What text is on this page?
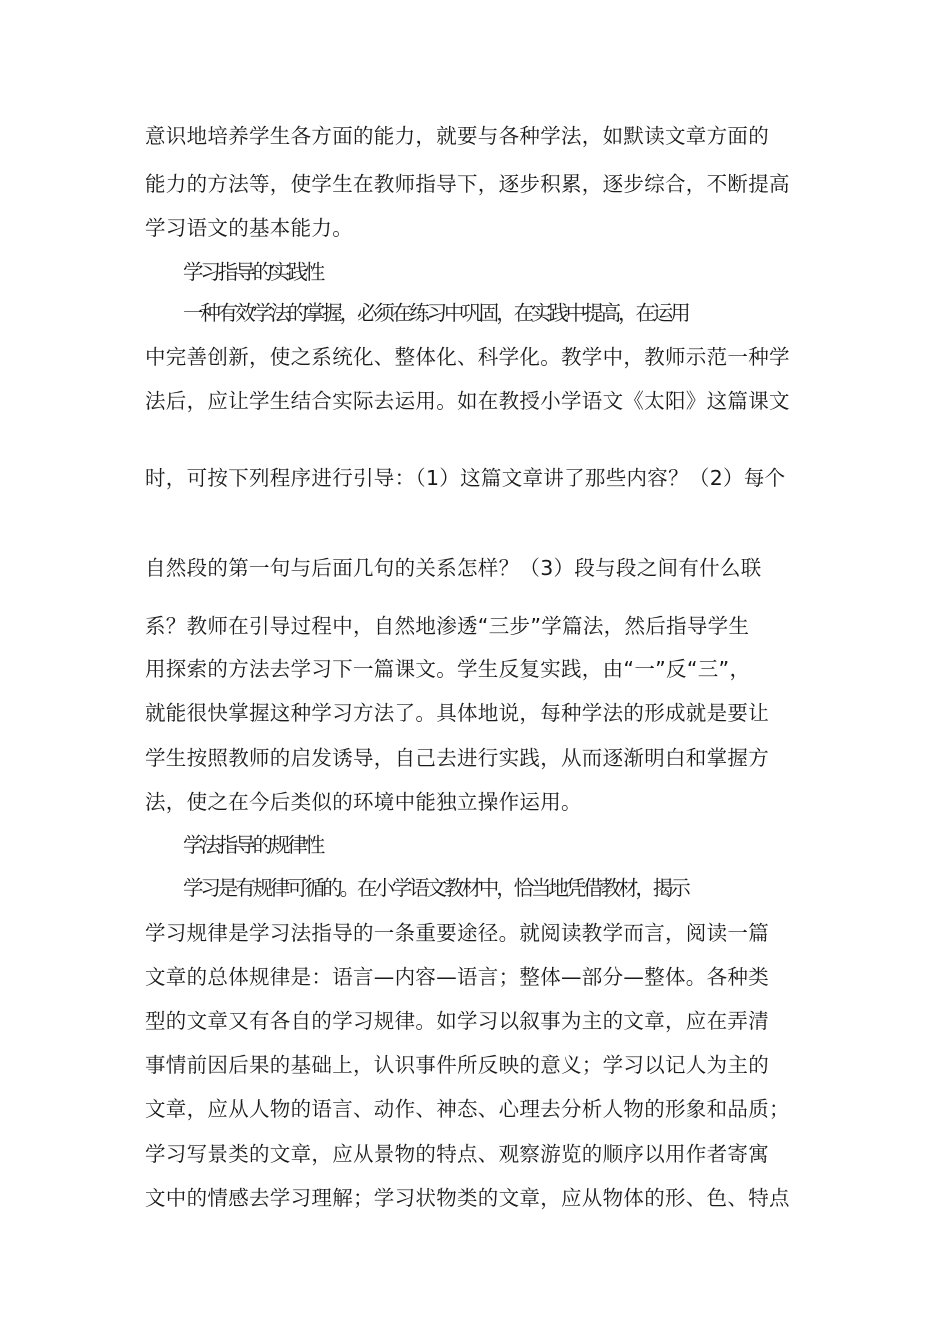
意识地培养学生各方面的能力，就要与各种学法，如默读文章方面的
能力的方法等，使学生在教师指导下，逐步积累，逐步综合，不断提高
学习语文的基本能力。
学习指导的实践性
一种有效学法的掌握，必须在练习中巩固，在实践中提高，在运用
中完善创新，使之系统化、整体化、科学化。教学中，教师示范一种学
法后，应让学生结合实际去运用。如在教授小学语文《太阳》这篇课文
时，可按下列程序进行引导：（1）这篇文章讲了那些内容？（2）每个
自然段的第一句与后面几句的关系怎样？（3）段与段之间有什么联
系？教师在引导过程中，自然地渗透“三步”学篇法，然后指导学生
用探索的方法去学习下一篇课文。学生反复实践，由“一”反“三”，
就能很快掌握这种学习方法了。具体地说，每种学法的形成就是要让
学生按照教师的启发诱导，自己去进行实践，从而逐渐明白和掌握方
法，使之在今后类似的环境中能独立操作运用。
学法指导的规律性
学习是有规律可循的。在小学语文教材中，恰当地凭借教材，揭示
学习规律是学习法指导的一条重要途径。就阅读教学而言，阅读一篇
文章的总体规律是：语言—内容—语言；整体—部分—整体。各种类
型的文章又有各自的学习规律。如学习以叙事为主的文章，应在弄清
事情前因后果的基础上，认识事件所反映的意义；学习以记人为主的
文章，应从人物的语言、动作、神态、心理去分析人物的形象和品质；
学习写景类的文章，应从景物的特点、观察游览的顺序以用作者寄寓
文中的情感去学习理解；学习状物类的文章，应从物体的形、色、特点
